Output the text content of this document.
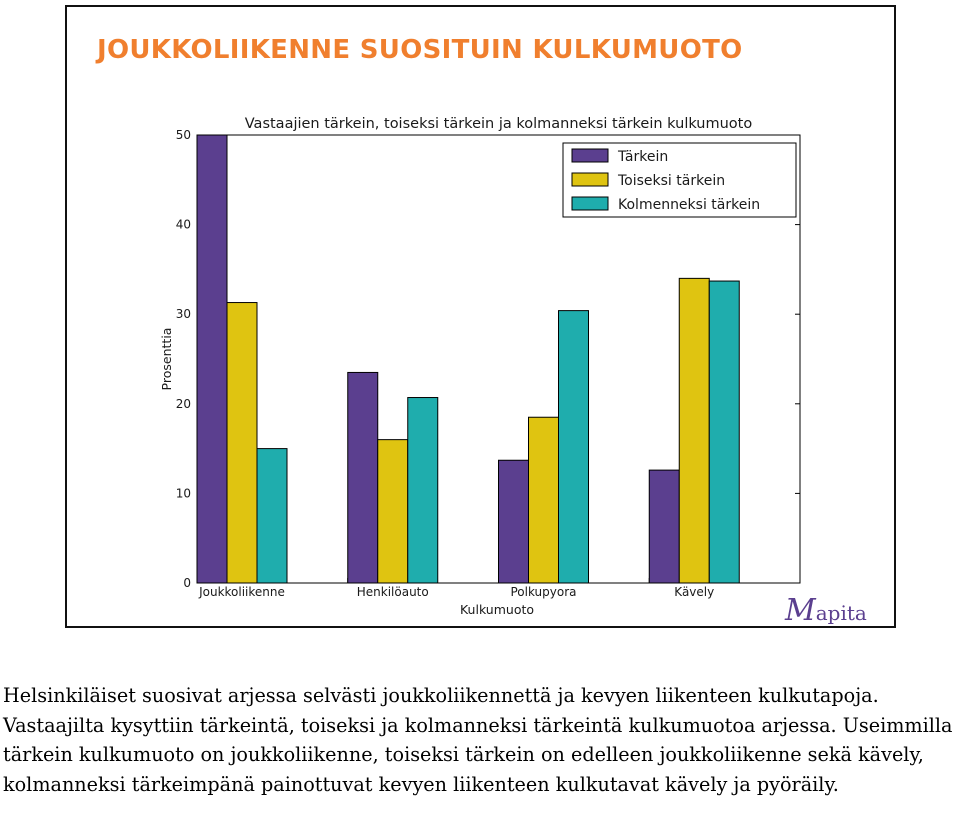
JOUKKOLIIKENNE SUOSITUIN KULKUMUOTO
Mapita
0
10
20
30
40
50
Joukkoliikenne	Henkilöauto	Polkupyora	Kävely
Vastaajien tärkein, toiseksi tärkein ja kolmanneksi tärkein kulkumuoto
Kulkumuoto
Prosenttia
Tärkein
Toiseksi tärkein
Kolmenneksi tärkein

Helsinkiläiset suosivat arjessa selvästi joukkoliikennettä ja kevyen liikenteen kulkutapoja. Vastaajilta kysyttiin tärkeintä, toiseksi ja kolmanneksi tärkeintä kulkumuotoa arjessa. Useimmilla tärkein kulkumuoto on joukkoliikenne, toiseksi tärkein on edelleen joukkoliikenne sekä kävely, kolmanneksi tärkeimpänä painottuvat kevyen liikenteen kulkutavat kävely ja pyöräily.
